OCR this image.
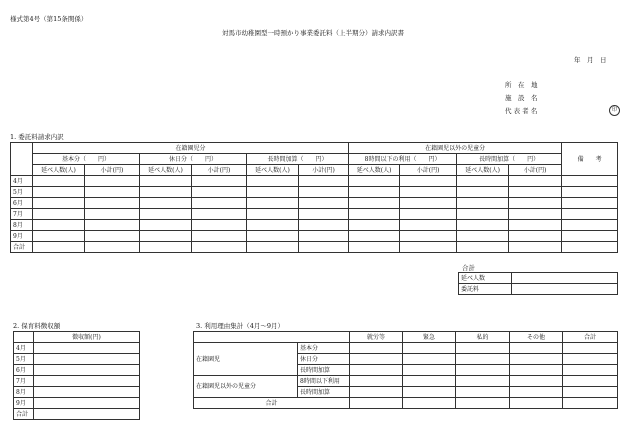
様式第4号（第15条関係）
対馬市幼稚園型一時預かり事業委託料（上半期分）請求内訳書
年　月　日
所　在　地
施　設　名
代 表 者 名	印
1. 委託料請求内訳
	在籍園児分						在籍園児以外の児童分				備　　考
	基本分（　　円）		休日分（　　円）		長時間加算（　　円）		8時間以下の利用（　　円）		長時間加算（　　円）		
	延べ人数(人)	小計(円)	延べ人数(人)	小計(円)	延べ人数(人)	小計(円)	延べ人数(人)	小計(円)	延べ人数(人)	小計(円)	
4月											
5月											
6月											
7月											
8月											
9月											
合計											
合計
延べ人数	
委託料	
2. 保育料徴収額
	徴収額(円)
4月	
5月	
6月	
7月	
8月	
9月	
合計	
3. 利用理由集計（4月～9月）
		就労等	緊急	私的	その他	合計
在籍園児	基本分					
	休日分					
	長時間加算					
在籍園児以外の児童分	8時間以下利用					
	長時間加算					
合計						
